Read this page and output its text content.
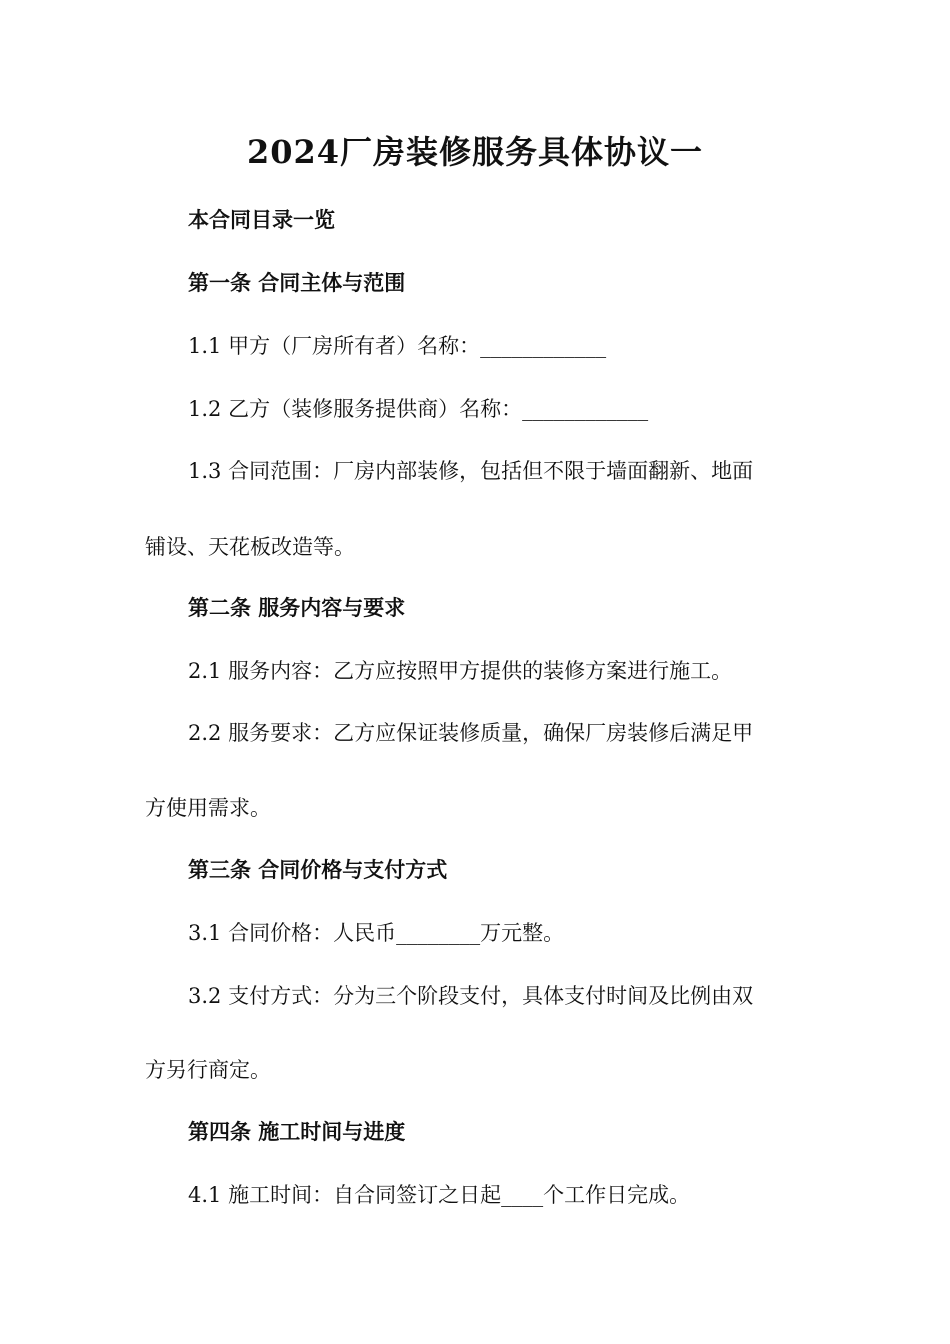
2024厂房装修服务具体协议一
本合同目录一览
第一条 合同主体与范围
1.1 甲方（厂房所有者）名称：____________
1.2 乙方（装修服务提供商）名称：____________
1.3 合同范围：厂房内部装修，包括但不限于墙面翻新、地面
铺设、天花板改造等。
第二条 服务内容与要求
2.1 服务内容：乙方应按照甲方提供的装修方案进行施工。
2.2 服务要求：乙方应保证装修质量，确保厂房装修后满足甲
方使用需求。
第三条 合同价格与支付方式
3.1 合同价格：人民币________万元整。
3.2 支付方式：分为三个阶段支付，具体支付时间及比例由双
方另行商定。
第四条 施工时间与进度
4.1 施工时间：自合同签订之日起____个工作日完成。
